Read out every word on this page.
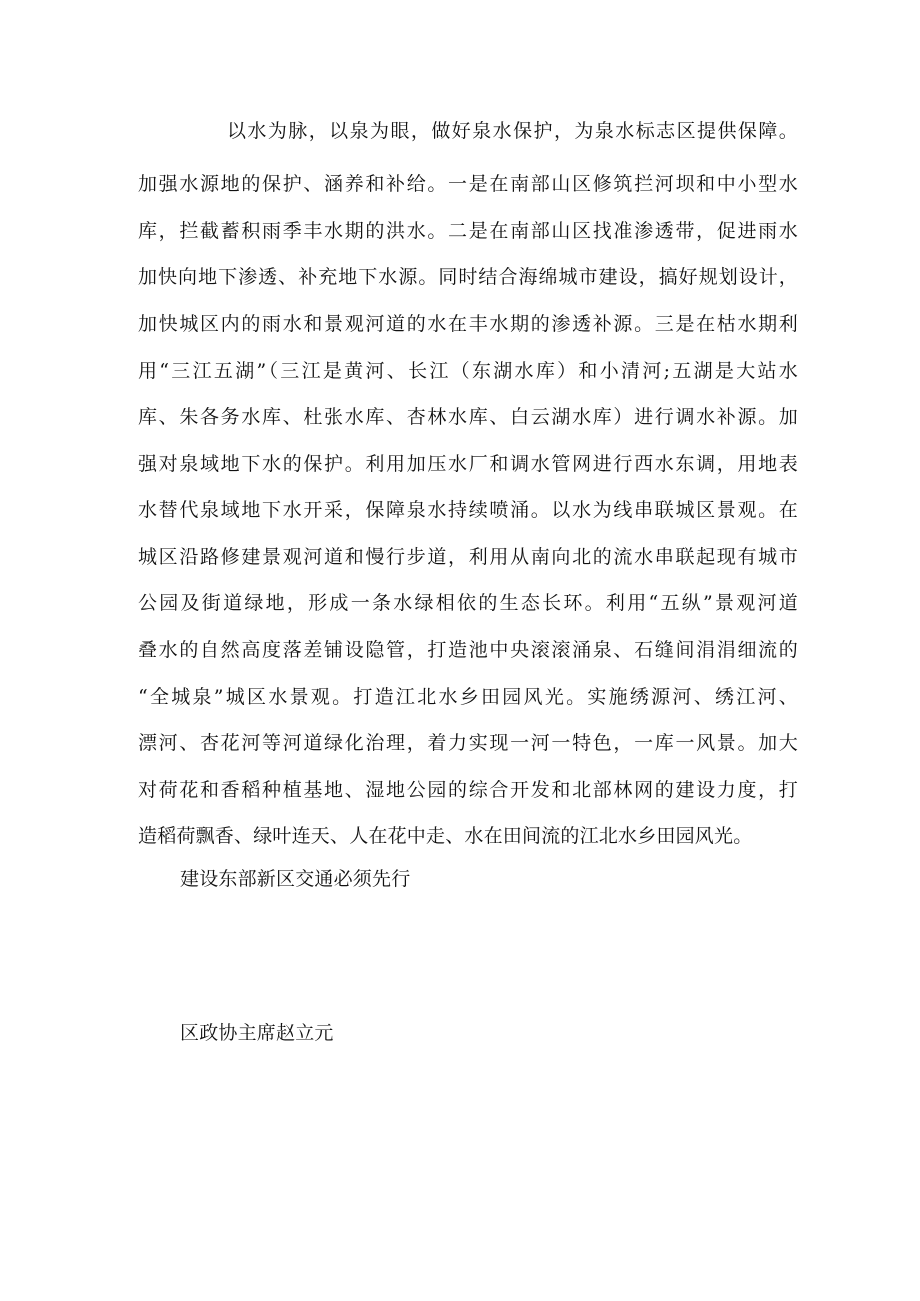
以水为脉，以泉为眼，做好泉水保护，为泉水标志区提供保障。
加强水源地的保护、涵养和补给。一是在南部山区修筑拦河坝和中小型水
库，拦截蓄积雨季丰水期的洪水。二是在南部山区找准渗透带，促进雨水
加快向地下渗透、补充地下水源。同时结合海绵城市建设，搞好规划设计，
加快城区内的雨水和景观河道的水在丰水期的渗透补源。三是在枯水期利
用“三江五湖”（三江是黄河、长江（东湖水库）和小清河;五湖是大站水
库、朱各务水库、杜张水库、杏林水库、白云湖水库）进行调水补源。加
强对泉域地下水的保护。利用加压水厂和调水管网进行西水东调，用地表
水替代泉域地下水开采，保障泉水持续喷涌。以水为线串联城区景观。在
城区沿路修建景观河道和慢行步道，利用从南向北的流水串联起现有城市
公园及街道绿地，形成一条水绿相依的生态长环。利用“五纵”景观河道
叠水的自然高度落差铺设隐管，打造池中央滚滚涌泉、石缝间涓涓细流的
“全城泉”城区水景观。打造江北水乡田园风光。实施绣源河、绣江河、
漂河、杏花河等河道绿化治理，着力实现一河一特色，一库一风景。加大
对荷花和香稻种植基地、湿地公园的综合开发和北部林网的建设力度，打
造稻荷飘香、绿叶连天、人在花中走、水在田间流的江北水乡田园风光。
建设东部新区交通必须先行
区政协主席赵立元
